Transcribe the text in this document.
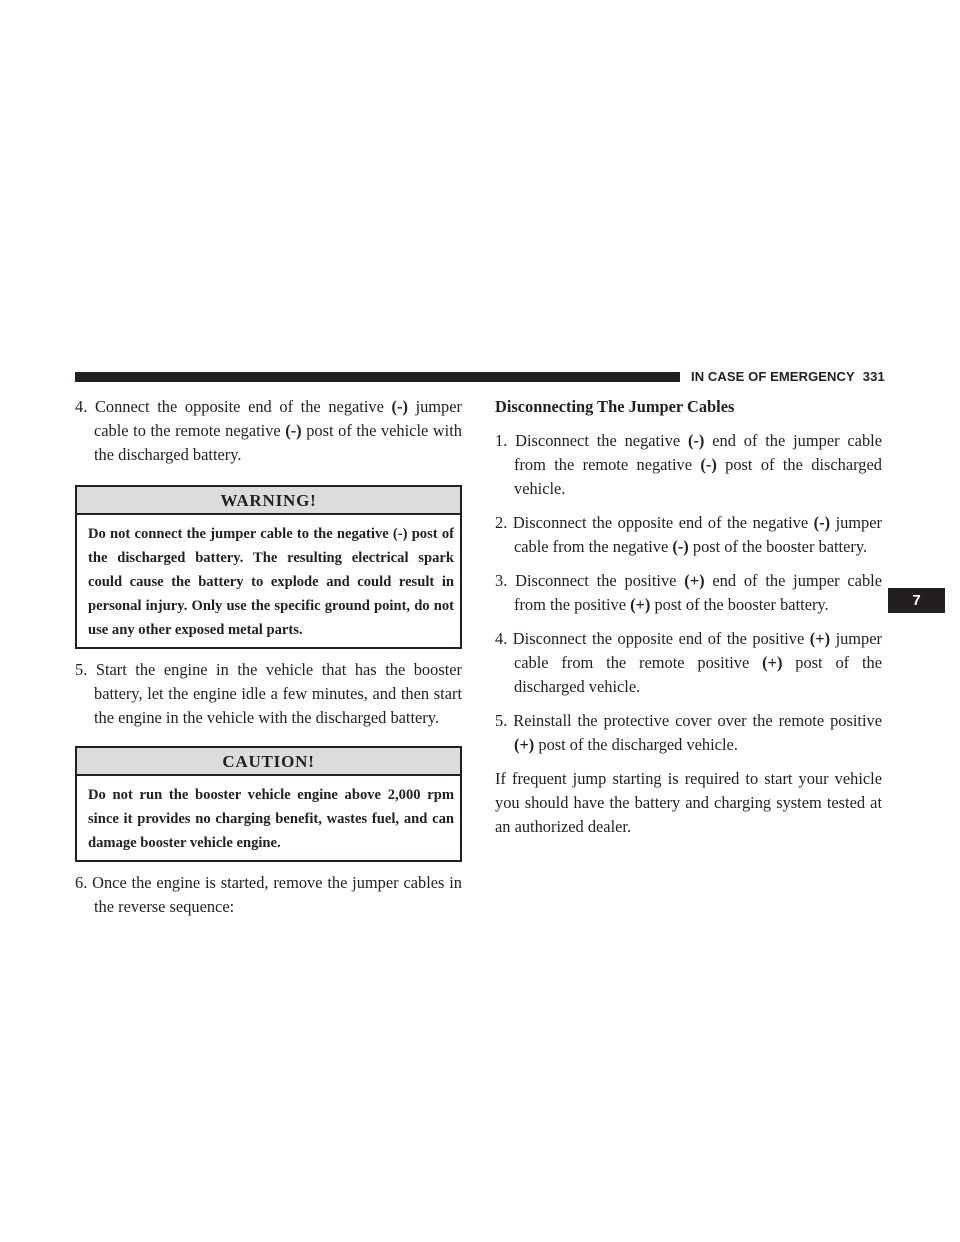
IN CASE OF EMERGENCY 331

4. Connect the opposite end of the negative (-) jumper cable to the remote negative (-) post of the vehicle with the discharged battery.

WARNING!
Do not connect the jumper cable to the negative (-) post of the discharged battery. The resulting electrical spark could cause the battery to explode and could result in personal injury. Only use the specific ground point, do not use any other exposed metal parts.

5. Start the engine in the vehicle that has the booster battery, let the engine idle a few minutes, and then start the engine in the vehicle with the discharged battery.

CAUTION!
Do not run the booster vehicle engine above 2,000 rpm since it provides no charging benefit, wastes fuel, and can damage booster vehicle engine.

6. Once the engine is started, remove the jumper cables in the reverse sequence:

Disconnecting The Jumper Cables

1. Disconnect the negative (-) end of the jumper cable from the remote negative (-) post of the discharged vehicle.

2. Disconnect the opposite end of the negative (-) jumper cable from the negative (-) post of the booster battery.

3. Disconnect the positive (+) end of the jumper cable from the positive (+) post of the booster battery.

4. Disconnect the opposite end of the positive (+) jumper cable from the remote positive (+) post of the discharged vehicle.

5. Reinstall the protective cover over the remote positive (+) post of the discharged vehicle.

If frequent jump starting is required to start your vehicle you should have the battery and charging system tested at an authorized dealer.

7
